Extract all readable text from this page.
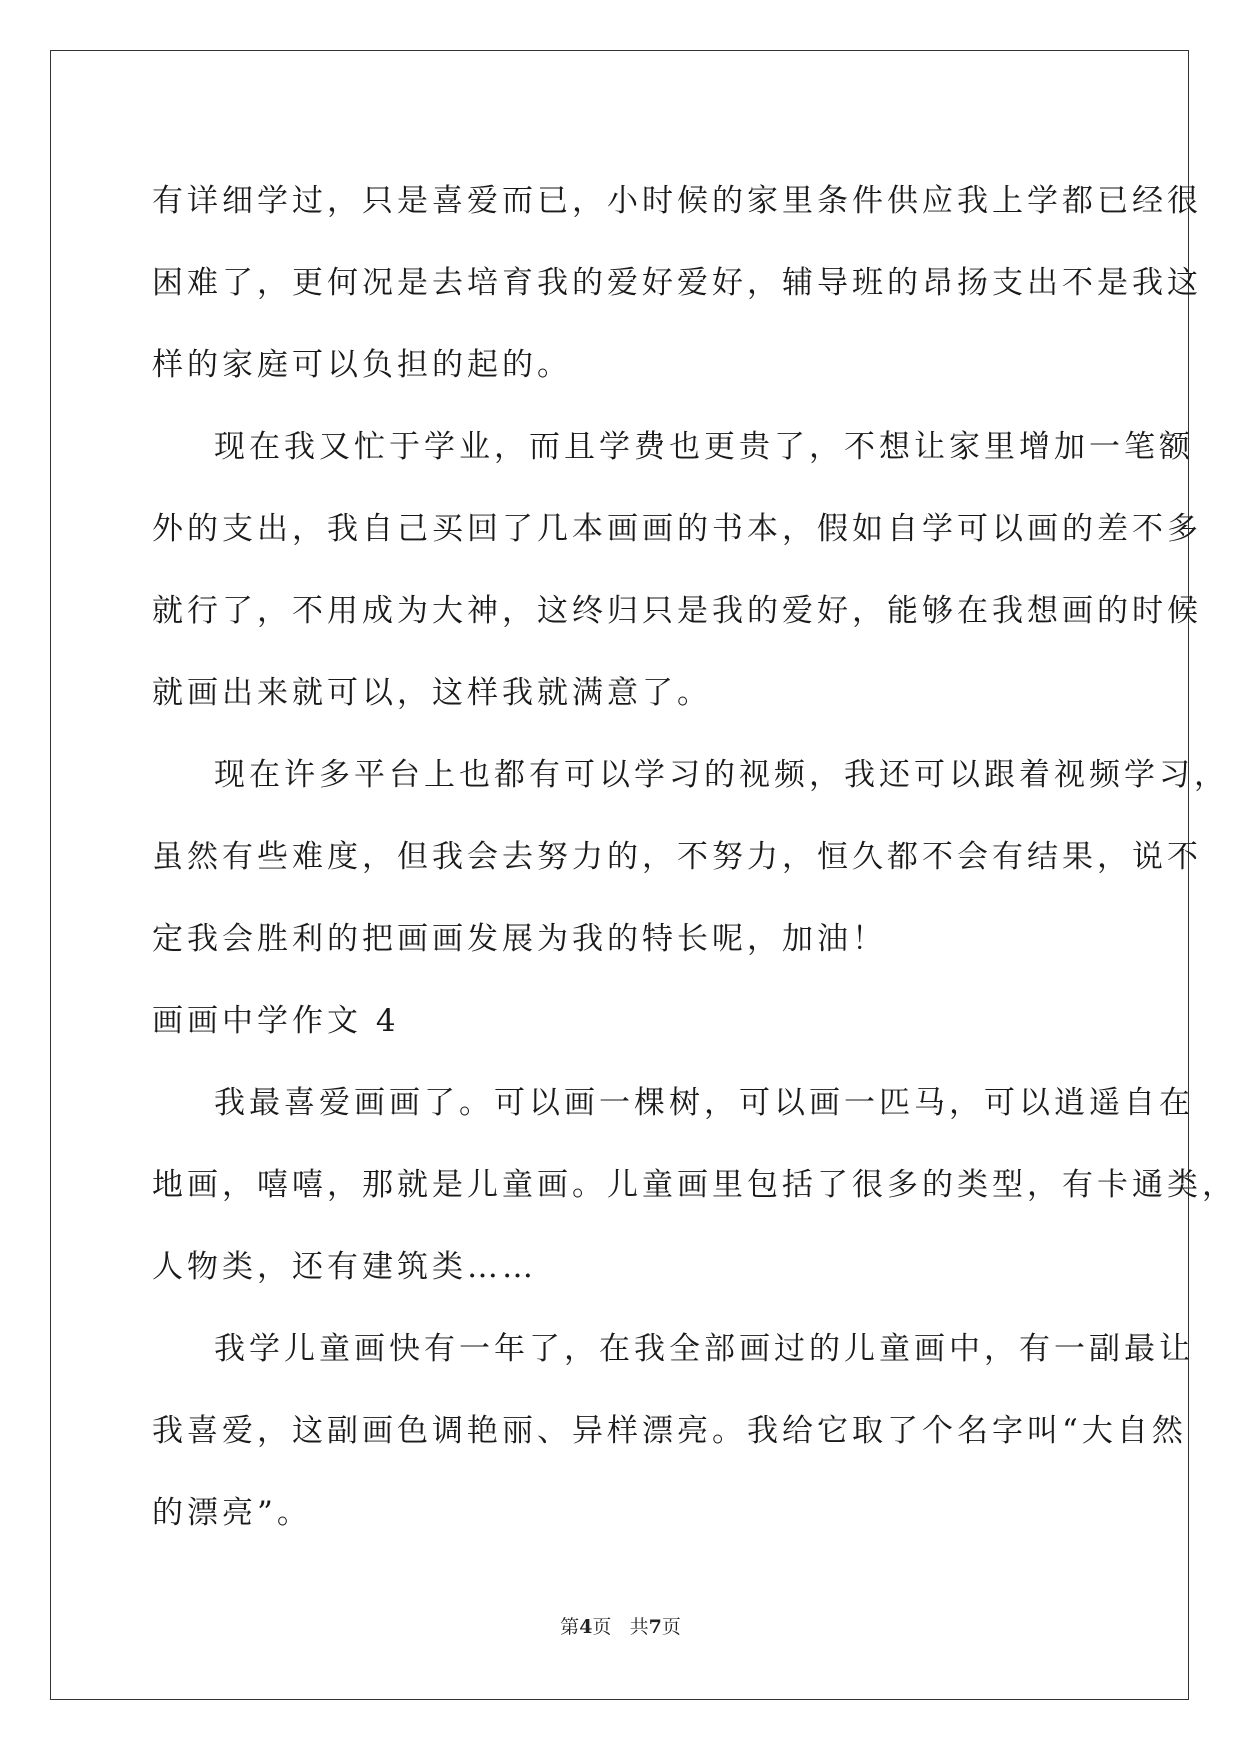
有详细学过，只是喜爱而已，小时候的家里条件供应我上学都已经很
困难了，更何况是去培育我的爱好爱好，辅导班的昂扬支出不是我这
样的家庭可以负担的起的。
现在我又忙于学业，而且学费也更贵了，不想让家里增加一笔额
外的支出，我自己买回了几本画画的书本，假如自学可以画的差不多
就行了，不用成为大神，这终归只是我的爱好，能够在我想画的时候
就画出来就可以，这样我就满意了。
现在许多平台上也都有可以学习的视频，我还可以跟着视频学习，
虽然有些难度，但我会去努力的，不努力，恒久都不会有结果，说不
定我会胜利的把画画发展为我的特长呢，加油！
画画中学作文 4
我最喜爱画画了。可以画一棵树，可以画一匹马，可以逍遥自在
地画，嘻嘻，那就是儿童画。儿童画里包括了很多的类型，有卡通类，
人物类，还有建筑类……
我学儿童画快有一年了，在我全部画过的儿童画中，有一副最让
我喜爱，这副画色调艳丽、异样漂亮。我给它取了个名字叫“大自然
的漂亮”。
第4页 共7页
